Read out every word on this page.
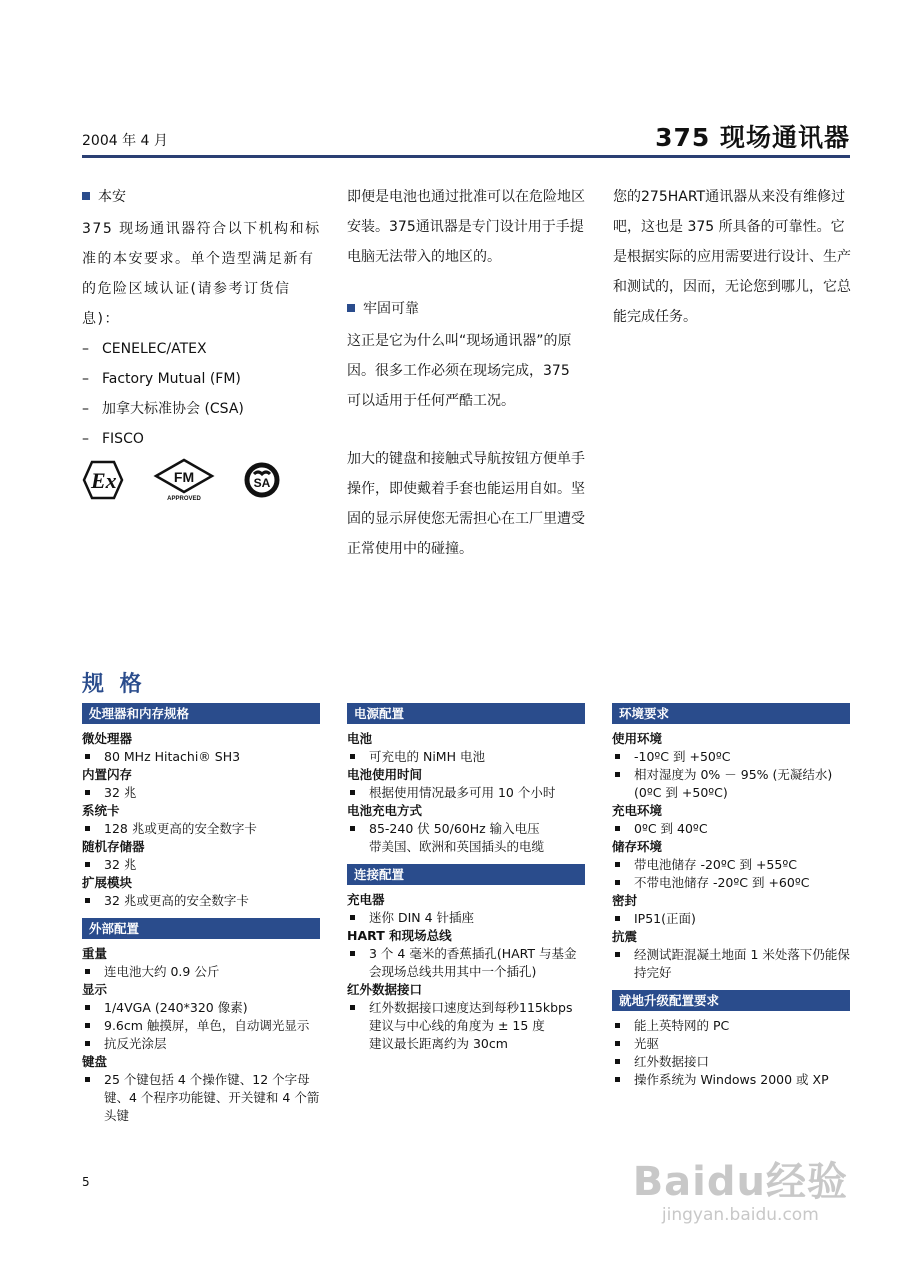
2004 年 4 月	375 现场通讯器
本安

375 现场通讯器符合以下机构和标准的本安要求。单个造型满足新有的危险区域认证(请参考订货信息)：

– CENELEC/ATEX
– Factory Mutual (FM)
– 加拿大标准协会 (CSA)
– FISCO
Ex	FM
APPROVED
SA

即便是电池也通过批准可以在危险地区安装。375通讯器是专门设计用于手提电脑无法带入的地区的。

牢固可靠

这正是它为什么叫“现场通讯器”的原因。很多工作必须在现场完成，375 可以适用于任何严酷工况。

加大的键盘和接触式导航按钮方便单手操作，即使戴着手套也能运用自如。坚固的显示屏使您无需担心在工厂里遭受正常使用中的碰撞。

您的275HART通讯器从来没有维修过吧，这也是 375 所具备的可靠性。它是根据实际的应用需要进行设计、生产和测试的，因而，无论您到哪儿，它总能完成任务。

规 格
处理器和内存规格
微处理器
80 MHz Hitachi® SH3
内置闪存
32 兆
系统卡
128 兆或更高的安全数字卡
随机存储器
32 兆
扩展模块
32 兆或更高的安全数字卡
外部配置
重量
连电池大约 0.9 公斤
显示
1/4VGA (240*320 像素)
9.6cm 触摸屏，单色，自动调光显示
抗反光涂层
键盘
25 个键包括 4 个操作键、12 个字母键、4 个程序功能键、开关键和 4 个箭头键
电源配置
电池
可充电的 NiMH 电池
电池使用时间
根据使用情况最多可用 10 个小时
电池充电方式
85-240 伏 50/60Hz 输入电压
带美国、欧洲和英国插头的电缆
连接配置
充电器
迷你 DIN 4 针插座
HART 和现场总线
3 个 4 毫米的香蕉插孔(HART 与基金会现场总线共用其中一个插孔)
红外数据接口
红外数据接口速度达到每秒115kbps
建议与中心线的角度为 ± 15 度
建议最长距离约为 30cm
环境要求
使用环境
-10ºC 到 +50ºC
相对湿度为 0% － 95% (无凝结水)
(0ºC 到 +50ºC)
充电环境
0ºC 到 40ºC
储存环境
带电池储存 -20ºC 到 +55ºC
不带电池储存 -20ºC 到 +60ºC
密封
IP51(正面)
抗震
经测试距混凝土地面 1 米处落下仍能保持完好
就地升级配置要求
能上英特网的 PC
光驱
红外数据接口
操作系统为 Windows 2000 或 XP
5	Baidu经验
jingyan.baidu.com
